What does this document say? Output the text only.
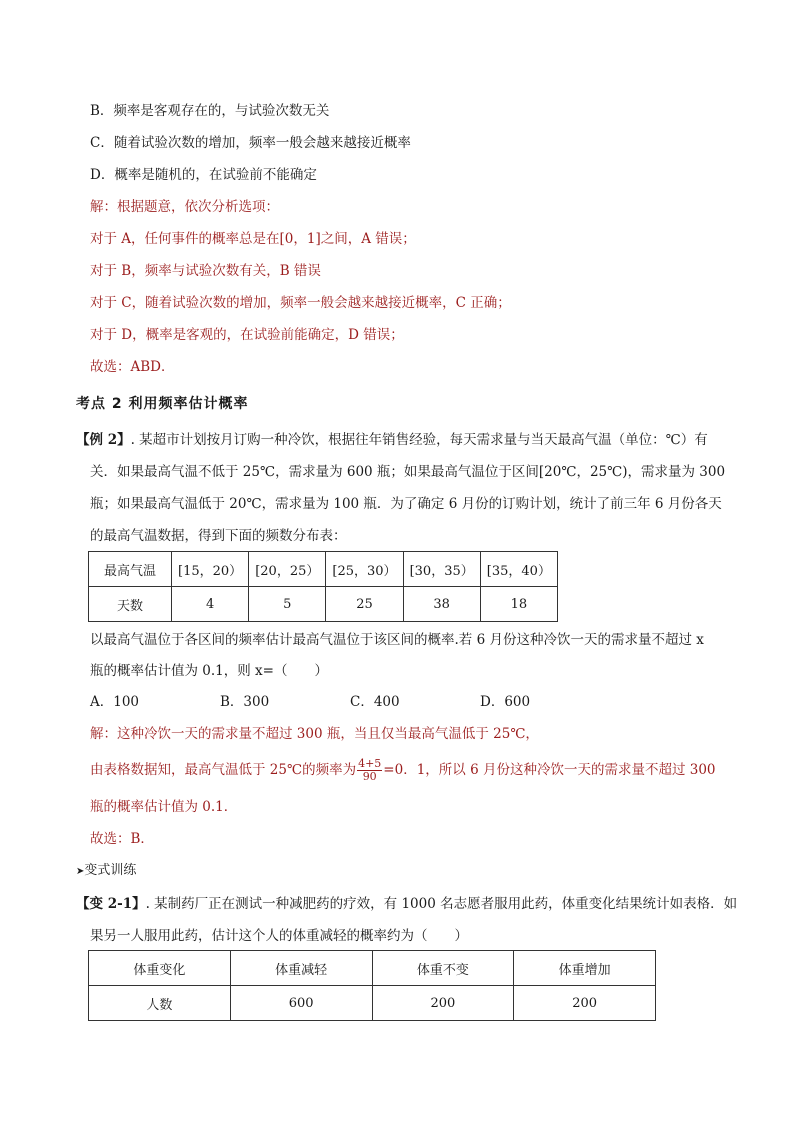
B．频率是客观存在的，与试验次数无关
C．随着试验次数的增加，频率一般会越来越接近概率
D．概率是随机的，在试验前不能确定
解：根据题意，依次分析选项：
对于 A，任何事件的概率总是在[0，1]之间，A 错误；
对于 B，频率与试验次数有关，B 错误
对于 C，随着试验次数的增加，频率一般会越来越接近概率，C 正确；
对于 D，概率是客观的，在试验前能确定，D 错误；
故选：ABD．
考点 2 利用频率估计概率
【例 2】. 某超市计划按月订购一种冷饮，根据往年销售经验，每天需求量与当天最高气温（单位：℃）有
关．如果最高气温不低于 25℃，需求量为 600 瓶；如果最高气温位于区间[20℃，25℃)，需求量为 300
瓶；如果最高气温低于 20℃，需求量为 100 瓶．为了确定 6 月份的订购计划，统计了前三年 6 月份各天
的最高气温数据，得到下面的频数分布表：
最高气温	[15，20）	[20，25）	[25，30）	[30，35）	[35，40）
天数	4	5	25	38	18
以最高气温位于各区间的频率估计最高气温位于该区间的概率.若 6 月份这种冷饮一天的需求量不超过 x
瓶的概率估计值为 0.1，则 x=（　　）
A．100	B．300	C．400	D．600
解：这种冷饮一天的需求量不超过 300 瓶，当且仅当最高气温低于 25℃，
由表格数据知，最高气温低于 25℃的频率为 $\frac{4+5}{90} =0$．1，所以 6 月份这种冷饮一天的需求量不超过 300
瓶的概率估计值为 0.1．
故选：B．
➤变式训练
【变 2-1】. 某制药厂正在测试一种减肥药的疗效，有 1000 名志愿者服用此药，体重变化结果统计如表格．如
果另一人服用此药，估计这个人的体重减轻的概率约为（　　）
体重变化	体重减轻	体重不变	体重增加
人数	600	200	200
